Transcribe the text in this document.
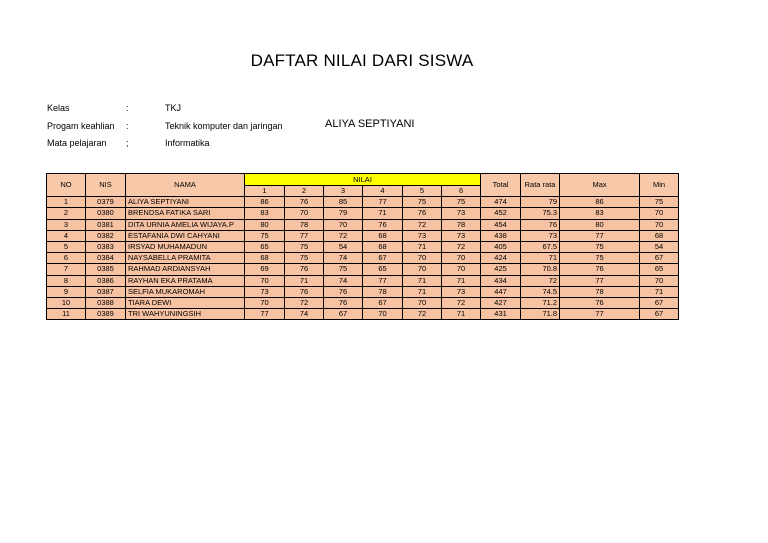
DAFTAR NILAI DARI SISWA
Kelas	:	TKJ
Progam keahlian :	Teknik komputer dan jaringan
Mata pelajaran ;	Informatika
ALIYA SEPTIYANI
NO	NIS	NAMA	NILAI						Total	Rata rata	Max	Min
			1	2	3	4	5	6				
1	0379	ALIYA SEPTIYANI	86	76	85	77	75	75	474	79	86	75
2	0380	BRENDSA FATIKA SARI	83	70	79	71	76	73	452	75.3	83	70
3	0381	DITA URNIA AMELIA WIJAYA.P	80	78	70	76	72	78	454	76	80	70
4	0382	ESTAFANIA DWI CAHYANI	75	77	72	68	73	73	438	73	77	68
5	0383	IRSYAD MUHAMADUN	65	75	54	68	71	72	405	67.5	75	54
6	0384	NAYSABELLA PRAMITA	68	75	74	67	70	70	424	71	75	67
7	0385	RAHMAD ARDIANSYAH	69	76	75	65	70	70	425	70.8	76	65
8	0386	RAYHAN EKA PRATAMA	70	71	74	77	71	71	434	72	77	70
9	0387	SELFIA MUKAROMAH	73	76	76	78	71	73	447	74.5	78	71
10	0388	TIARA DEWI	70	72	76	67	70	72	427	71.2	76	67
11	0389	TRI WAHYUNINGSIH	77	74	67	70	72	71	431	71.8	77	67
